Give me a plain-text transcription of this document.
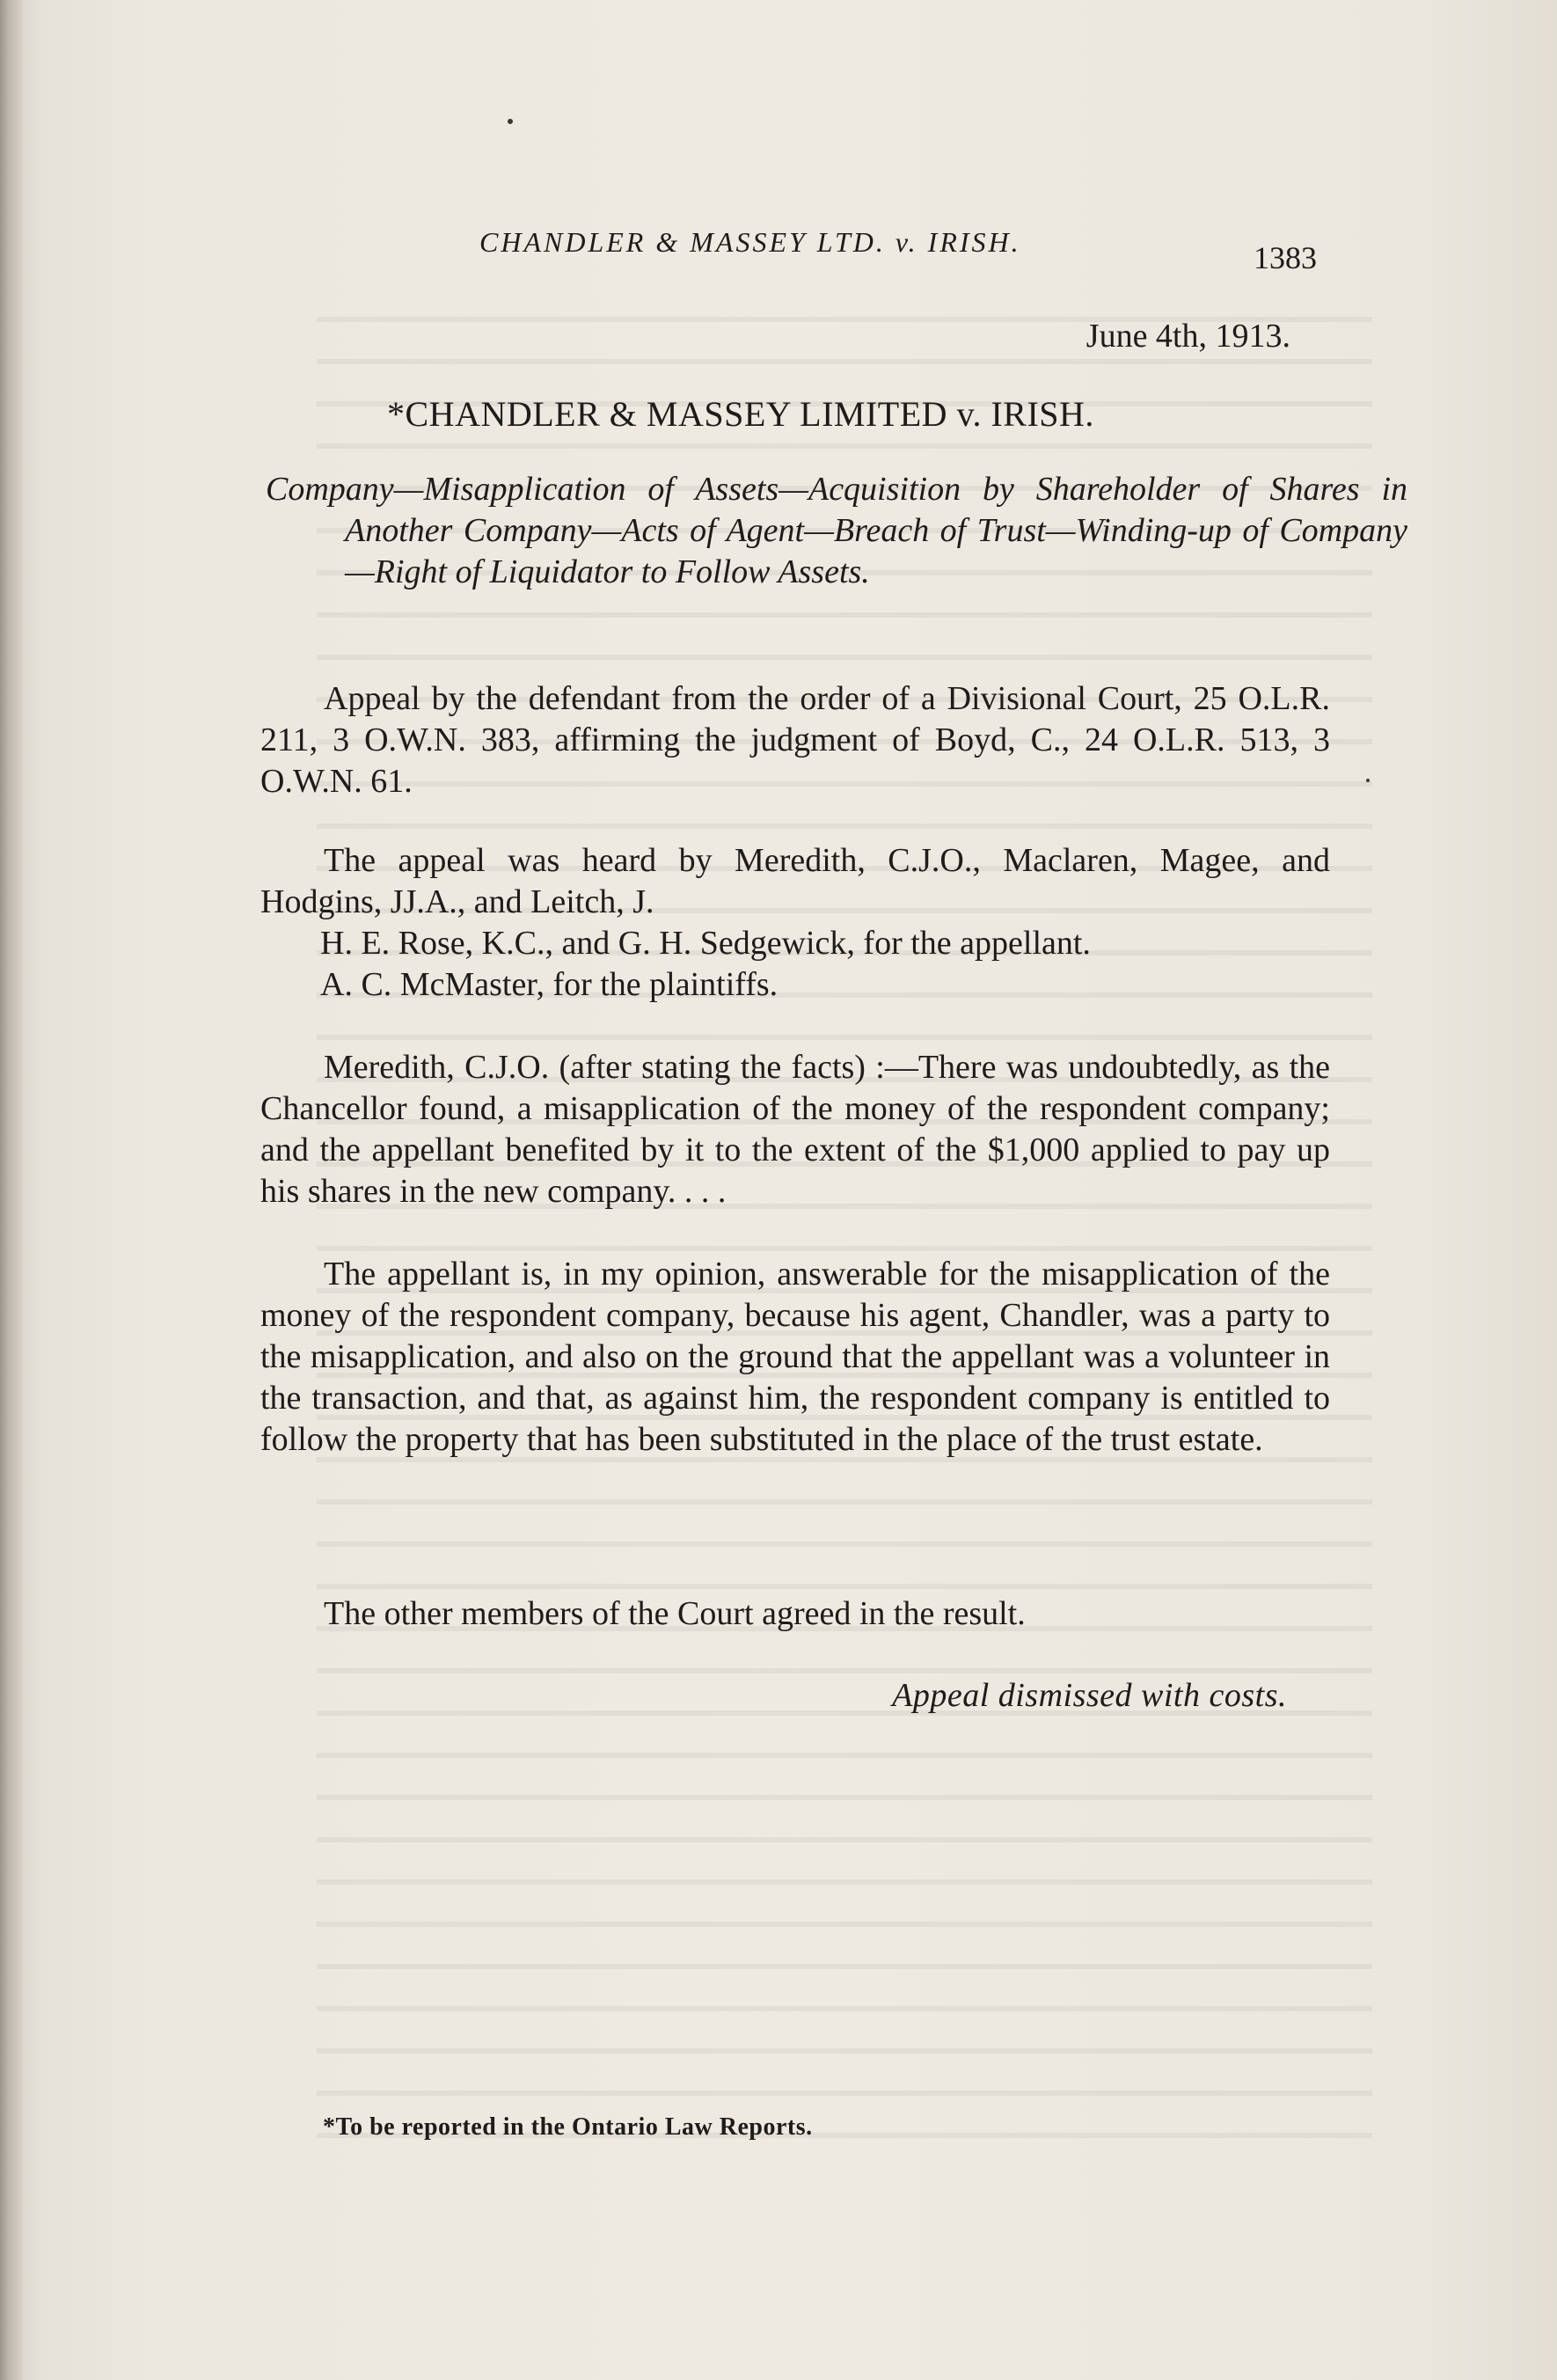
CHANDLER & MASSEY LTD. v. IRISH.	1383
June 4th, 1913.
*CHANDLER & MASSEY LIMITED v. IRISH.

Company—Misapplication of Assets—Acquisition by Shareholder of Shares in Another Company—Acts of Agent—Breach of Trust—Winding-up of Company—Right of Liquidator to Follow Assets.

Appeal by the defendant from the order of a Divisional Court, 25 O.L.R. 211, 3 O.W.N. 383, affirming the judgment of Boyd, C., 24 O.L.R. 513, 3 O.W.N. 61.

The appeal was heard by Meredith, C.J.O., Maclaren, Magee, and Hodgins, JJ.A., and Leitch, J.

H. E. Rose, K.C., and G. H. Sedgewick, for the appellant.

A. C. McMaster, for the plaintiffs.

Meredith, C.J.O. (after stating the facts) :—There was undoubtedly, as the Chancellor found, a misapplication of the money of the respondent company; and the appellant benefited by it to the extent of the $1,000 applied to pay up his shares in the new company. . . .

The appellant is, in my opinion, answerable for the misapplication of the money of the respondent company, because his agent, Chandler, was a party to the misapplication, and also on the ground that the appellant was a volunteer in the transaction, and that, as against him, the respondent company is entitled to follow the property that has been substituted in the place of the trust estate.

The other members of the Court agreed in the result.

Appeal dismissed with costs.
*To be reported in the Ontario Law Reports.
